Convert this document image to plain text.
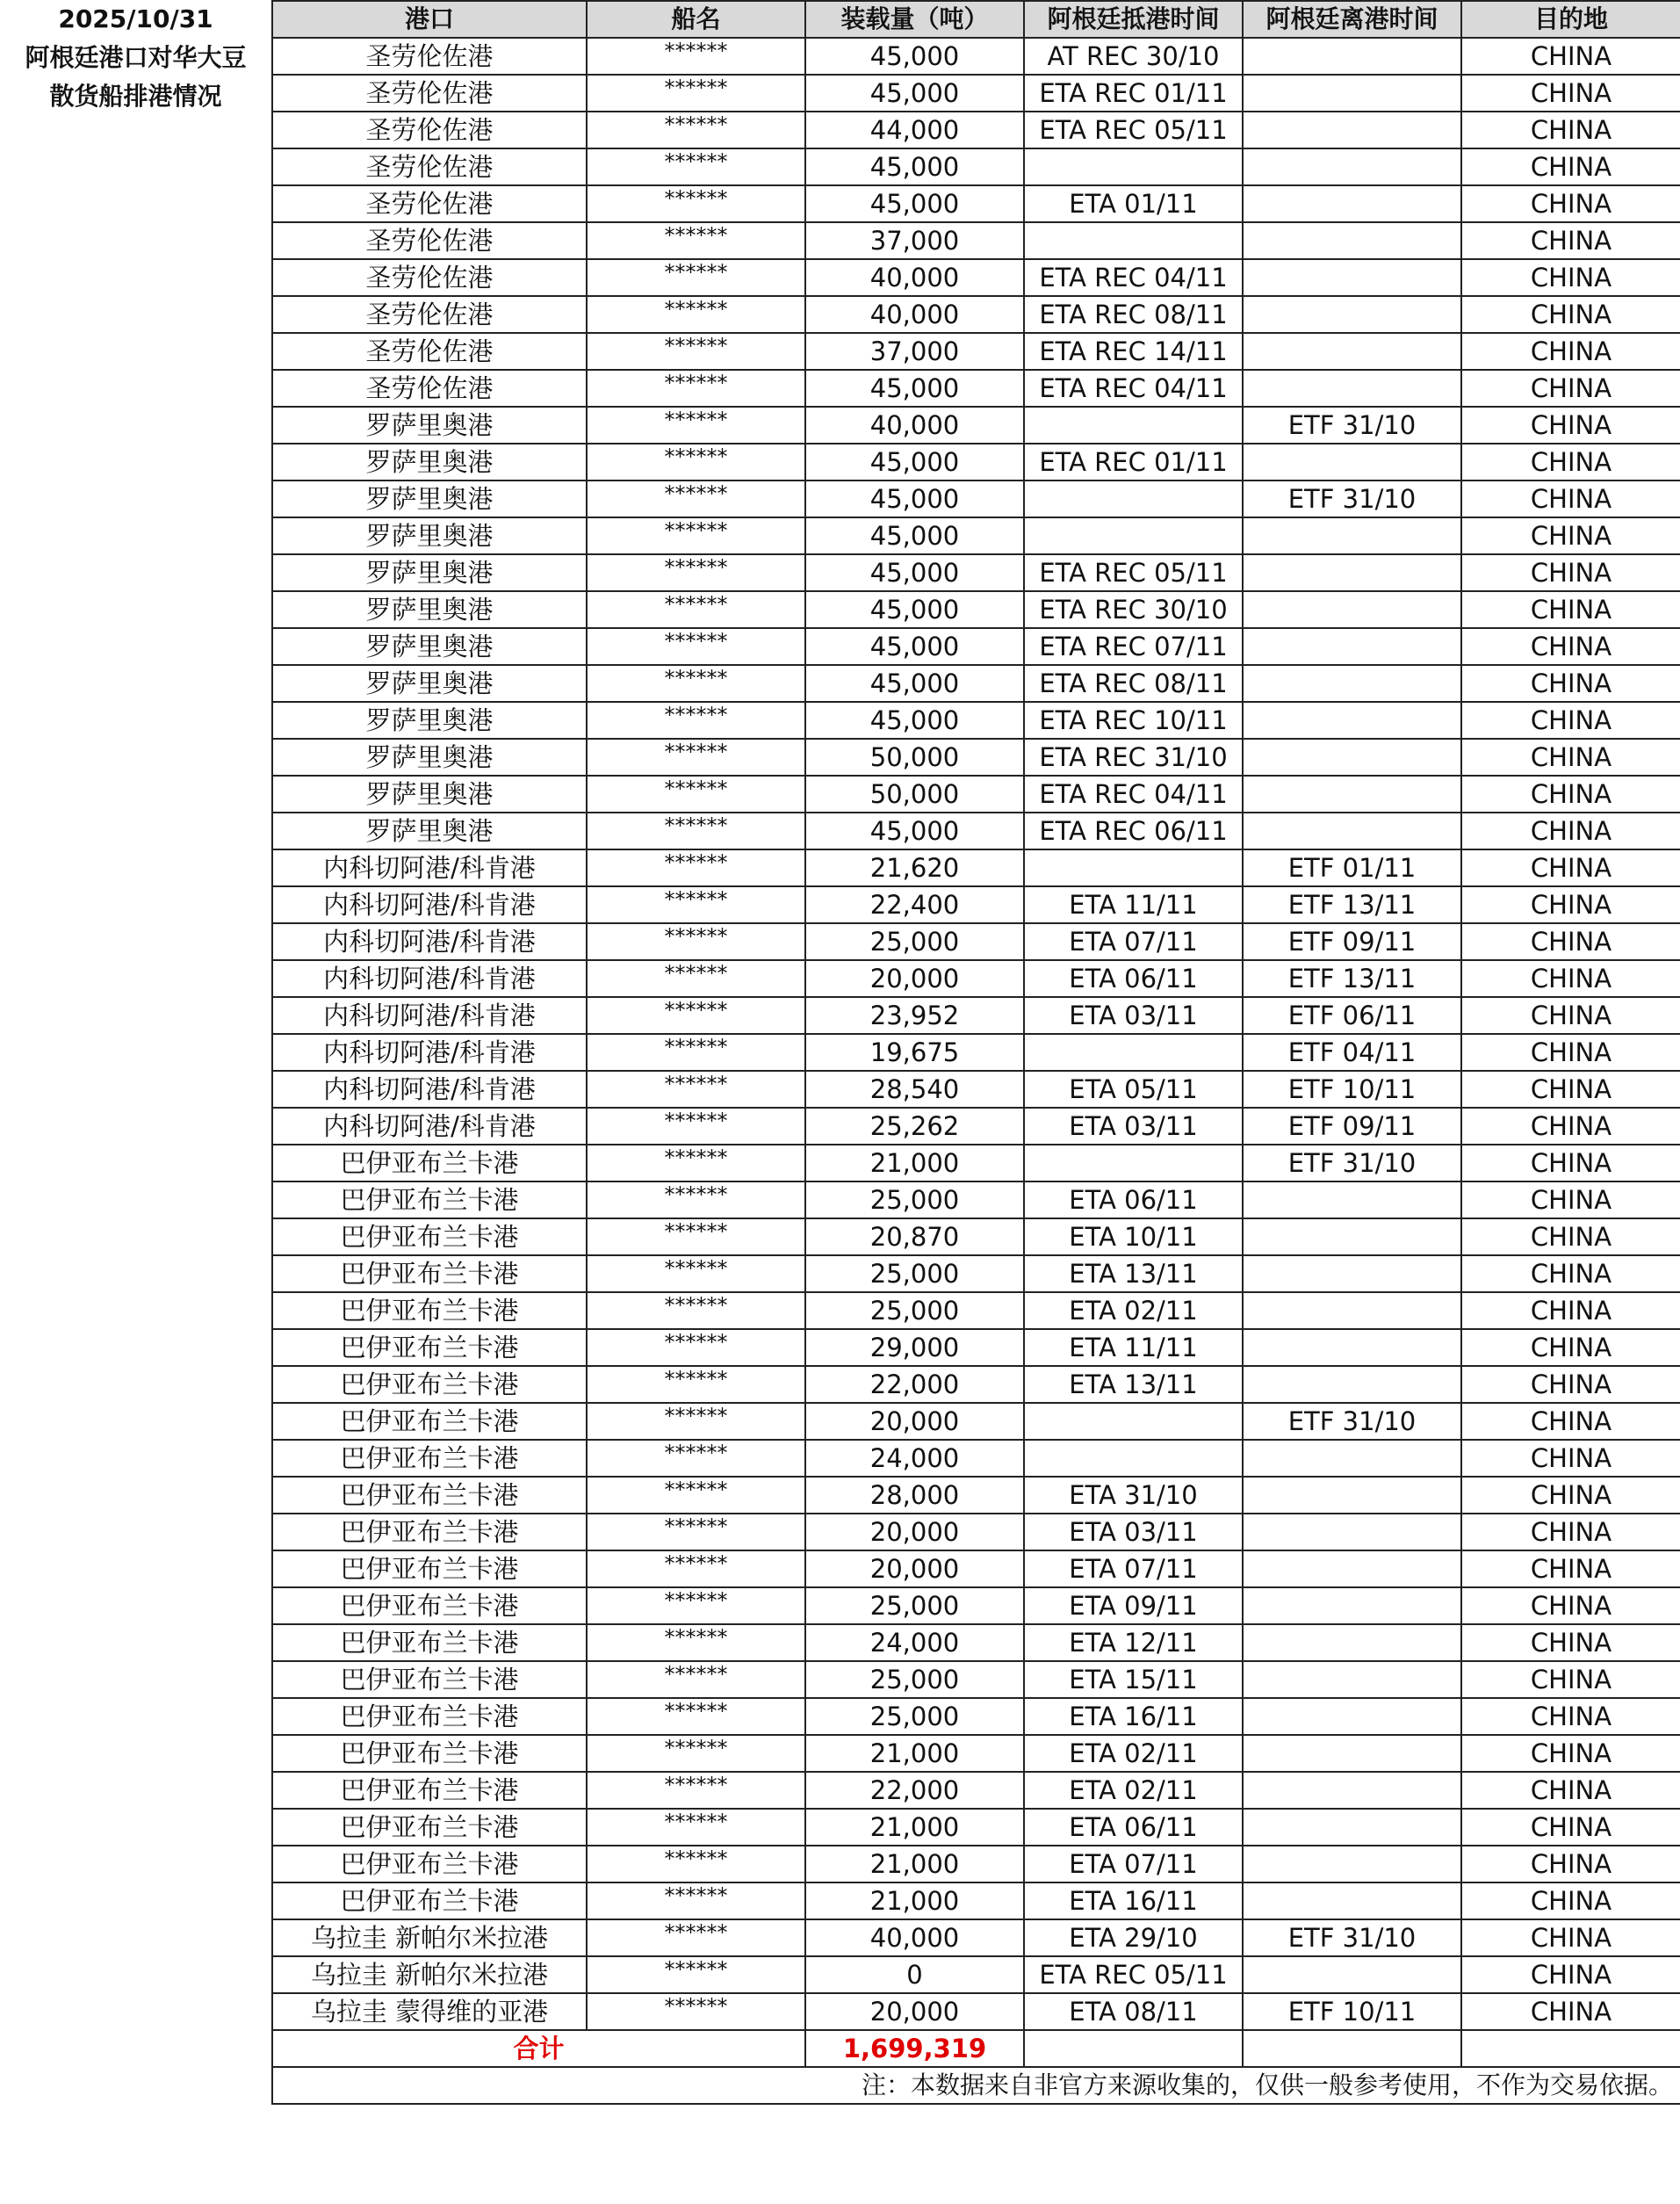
2025/10/31
阿根廷港口对华大豆
散货船排港情况
港口	船名	装载量（吨）	阿根廷抵港时间	阿根廷离港时间	目的地
圣劳伦佐港	******	45,000	AT REC 30/10		CHINA
圣劳伦佐港	******	45,000	ETA REC 01/11		CHINA
圣劳伦佐港	******	44,000	ETA REC 05/11		CHINA
圣劳伦佐港	******	45,000			CHINA
圣劳伦佐港	******	45,000	ETA 01/11		CHINA
圣劳伦佐港	******	37,000			CHINA
圣劳伦佐港	******	40,000	ETA REC 04/11		CHINA
圣劳伦佐港	******	40,000	ETA REC 08/11		CHINA
圣劳伦佐港	******	37,000	ETA REC 14/11		CHINA
圣劳伦佐港	******	45,000	ETA REC 04/11		CHINA
罗萨里奥港	******	40,000		ETF 31/10	CHINA
罗萨里奥港	******	45,000	ETA REC 01/11		CHINA
罗萨里奥港	******	45,000		ETF 31/10	CHINA
罗萨里奥港	******	45,000			CHINA
罗萨里奥港	******	45,000	ETA REC 05/11		CHINA
罗萨里奥港	******	45,000	ETA REC 30/10		CHINA
罗萨里奥港	******	45,000	ETA REC 07/11		CHINA
罗萨里奥港	******	45,000	ETA REC 08/11		CHINA
罗萨里奥港	******	45,000	ETA REC 10/11		CHINA
罗萨里奥港	******	50,000	ETA REC 31/10		CHINA
罗萨里奥港	******	50,000	ETA REC 04/11		CHINA
罗萨里奥港	******	45,000	ETA REC 06/11		CHINA
内科切阿港/科肯港	******	21,620		ETF 01/11	CHINA
内科切阿港/科肯港	******	22,400	ETA 11/11	ETF 13/11	CHINA
内科切阿港/科肯港	******	25,000	ETA 07/11	ETF 09/11	CHINA
内科切阿港/科肯港	******	20,000	ETA 06/11	ETF 13/11	CHINA
内科切阿港/科肯港	******	23,952	ETA 03/11	ETF 06/11	CHINA
内科切阿港/科肯港	******	19,675		ETF 04/11	CHINA
内科切阿港/科肯港	******	28,540	ETA 05/11	ETF 10/11	CHINA
内科切阿港/科肯港	******	25,262	ETA 03/11	ETF 09/11	CHINA
巴伊亚布兰卡港	******	21,000		ETF 31/10	CHINA
巴伊亚布兰卡港	******	25,000	ETA 06/11		CHINA
巴伊亚布兰卡港	******	20,870	ETA 10/11		CHINA
巴伊亚布兰卡港	******	25,000	ETA 13/11		CHINA
巴伊亚布兰卡港	******	25,000	ETA 02/11		CHINA
巴伊亚布兰卡港	******	29,000	ETA 11/11		CHINA
巴伊亚布兰卡港	******	22,000	ETA 13/11		CHINA
巴伊亚布兰卡港	******	20,000		ETF 31/10	CHINA
巴伊亚布兰卡港	******	24,000			CHINA
巴伊亚布兰卡港	******	28,000	ETA 31/10		CHINA
巴伊亚布兰卡港	******	20,000	ETA 03/11		CHINA
巴伊亚布兰卡港	******	20,000	ETA 07/11		CHINA
巴伊亚布兰卡港	******	25,000	ETA 09/11		CHINA
巴伊亚布兰卡港	******	24,000	ETA 12/11		CHINA
巴伊亚布兰卡港	******	25,000	ETA 15/11		CHINA
巴伊亚布兰卡港	******	25,000	ETA 16/11		CHINA
巴伊亚布兰卡港	******	21,000	ETA 02/11		CHINA
巴伊亚布兰卡港	******	22,000	ETA 02/11		CHINA
巴伊亚布兰卡港	******	21,000	ETA 06/11		CHINA
巴伊亚布兰卡港	******	21,000	ETA 07/11		CHINA
巴伊亚布兰卡港	******	21,000	ETA 16/11		CHINA
乌拉圭 新帕尔米拉港	******	40,000	ETA 29/10	ETF 31/10	CHINA
乌拉圭 新帕尔米拉港	******	0	ETA REC 05/11		CHINA
乌拉圭 蒙得维的亚港	******	20,000	ETA 08/11	ETF 10/11	CHINA
合计		1,699,319			
注：本数据来自非官方来源收集的，仅供一般参考使用，不作为交易依据。					
